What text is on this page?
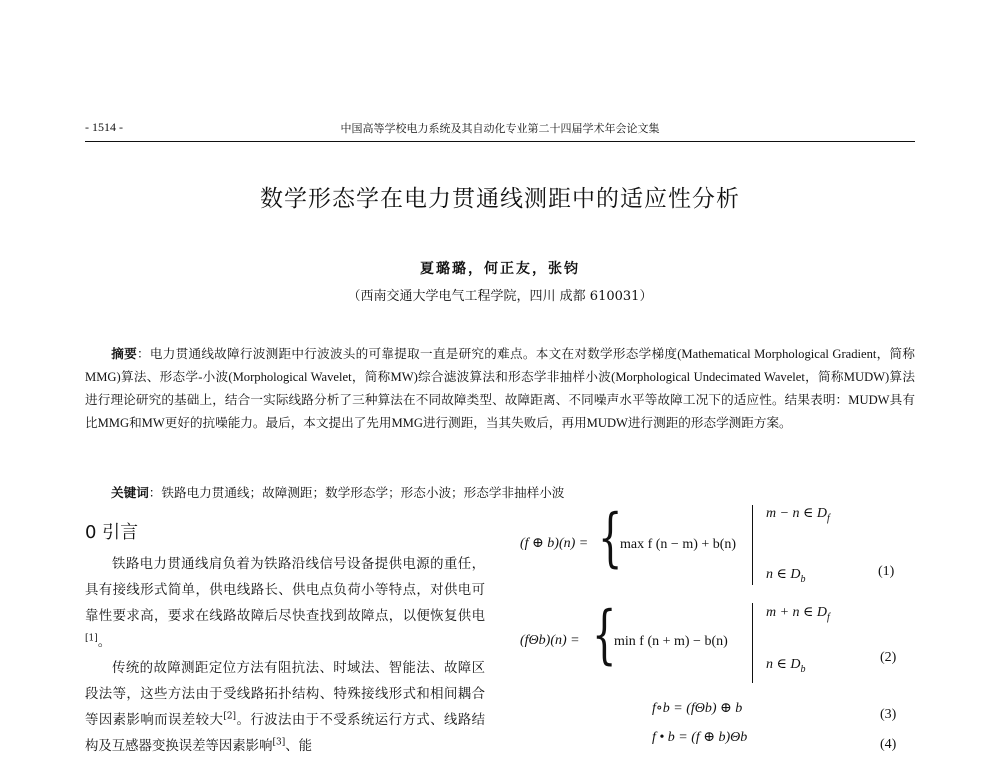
- 1514 -	中国高等学校电力系统及其自动化专业第二十四届学术年会论文集
数学形态学在电力贯通线测距中的适应性分析
夏璐璐，何正友，张钧
（西南交通大学电气工程学院，四川 成都 610031）
摘要：电力贯通线故障行波测距中行波波头的可靠提取一直是研究的难点。本文在对数学形态学梯度(Mathematical Morphological Gradient，简称MMG)算法、形态学-小波(Morphological Wavelet，简称MW)综合滤波算法和形态学非抽样小波(Morphological Undecimated Wavelet，简称MUDW)算法进行理论研究的基础上，结合一实际线路分析了三种算法在不同故障类型、故障距离、不同噪声水平等故障工况下的适应性。结果表明：MUDW具有比MMG和MW更好的抗噪能力。最后，本文提出了先用MMG进行测距，当其失败后，再用MUDW进行测距的形态学测距方案。
关键词：铁路电力贯通线；故障测距；数学形态学；形态小波；形态学非抽样小波
0 引言

铁路电力贯通线肩负着为铁路沿线信号设备提供电源的重任，具有接线形式简单，供电线路长、供电点负荷小等特点，对供电可靠性要求高，要求在线路故障后尽快查找到故障点，以便恢复供电[1]。

传统的故障测距定位方法有阻抗法、时域法、智能法、故障区段法等，这些方法由于受线路拓扑结构、特殊接线形式和相间耦合等因素影响而误差较大[2]。行波法由于不受系统运行方式、线路结构及互感器变换误差等因素影响[3]、能

(f ⊕ b)(n) = {
max f (n − m) + b(n)
m − n ∈ $D_f$
n ∈ $D_b$
(1)
(fΘb)(n) = {
min f (n + m) − b(n)
m + n ∈ $D_f$
n ∈ $D_b$
(2)
f∘b = (fΘb) ⊕ b	(3)
f • b = (f ⊕ b)Θb	(4)
